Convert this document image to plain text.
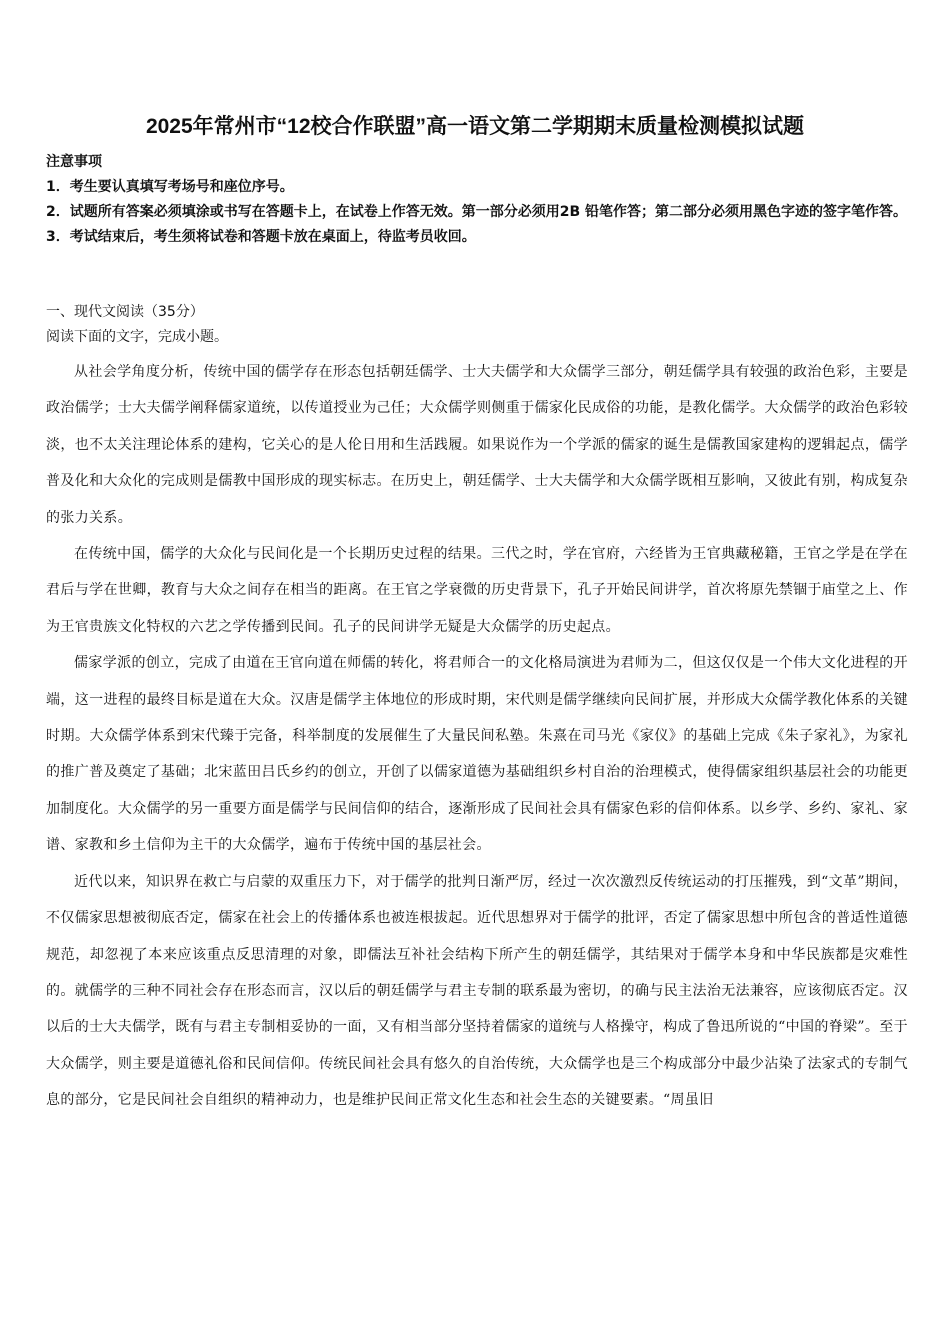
2025年常州市“12校合作联盟”高一语文第二学期期末质量检测模拟试题

注意事项

1．考生要认真填写考场号和座位序号。
2．试题所有答案必须填涂或书写在答题卡上，在试卷上作答无效。第一部分必须用2B 铅笔作答；第二部分必须用黑色字迹的签字笔作答。
3．考试结束后，考生须将试卷和答题卡放在桌面上，待监考员收回。

一、现代文阅读（35分）

阅读下面的文字，完成小题。

从社会学角度分析，传统中国的儒学存在形态包括朝廷儒学、士大夫儒学和大众儒学三部分，朝廷儒学具有较强的政治色彩，主要是政治儒学；士大夫儒学阐释儒家道统，以传道授业为己任；大众儒学则侧重于儒家化民成俗的功能，是教化儒学。大众儒学的政治色彩较淡，也不太关注理论体系的建构，它关心的是人伦日用和生活践履。如果说作为一个学派的儒家的诞生是儒教国家建构的逻辑起点，儒学普及化和大众化的完成则是儒教中国形成的现实标志。在历史上，朝廷儒学、士大夫儒学和大众儒学既相互影响，又彼此有别，构成复杂的张力关系。

在传统中国，儒学的大众化与民间化是一个长期历史过程的结果。三代之时，学在官府，六经皆为王官典藏秘籍，王官之学是在学在君后与学在世卿，教育与大众之间存在相当的距离。在王官之学衰微的历史背景下，孔子开始民间讲学，首次将原先禁锢于庙堂之上、作为王官贵族文化特权的六艺之学传播到民间。孔子的民间讲学无疑是大众儒学的历史起点。

儒家学派的创立，完成了由道在王官向道在师儒的转化，将君师合一的文化格局演进为君师为二，但这仅仅是一个伟大文化进程的开端，这一进程的最终目标是道在大众。汉唐是儒学主体地位的形成时期，宋代则是儒学继续向民间扩展，并形成大众儒学教化体系的关键时期。大众儒学体系到宋代臻于完备，科举制度的发展催生了大量民间私塾。朱熹在司马光《家仪》的基础上完成《朱子家礼》，为家礼的推广普及奠定了基础；北宋蓝田吕氏乡约的创立，开创了以儒家道德为基础组织乡村自治的治理模式，使得儒家组织基层社会的功能更加制度化。大众儒学的另一重要方面是儒学与民间信仰的结合，逐渐形成了民间社会具有儒家色彩的信仰体系。以乡学、乡约、家礼、家谱、家教和乡土信仰为主干的大众儒学，遍布于传统中国的基层社会。

近代以来，知识界在救亡与启蒙的双重压力下，对于儒学的批判日渐严厉，经过一次次激烈反传统运动的打压摧残，到“文革”期间，不仅儒家思想被彻底否定，儒家在社会上的传播体系也被连根拔起。近代思想界对于儒学的批评，否定了儒家思想中所包含的普适性道德规范，却忽视了本来应该重点反思清理的对象，即儒法互补社会结构下所产生的朝廷儒学，其结果对于儒学本身和中华民族都是灾难性的。就儒学的三种不同社会存在形态而言，汉以后的朝廷儒学与君主专制的联系最为密切，的确与民主法治无法兼容，应该彻底否定。汉以后的士大夫儒学，既有与君主专制相妥协的一面，又有相当部分坚持着儒家的道统与人格操守，构成了鲁迅所说的“中国的脊梁”。至于大众儒学，则主要是道德礼俗和民间信仰。传统民间社会具有悠久的自治传统，大众儒学也是三个构成部分中最少沾染了法家式的专制气息的部分，它是民间社会自组织的精神动力，也是维护民间正常文化生态和社会生态的关键要素。“周虽旧
